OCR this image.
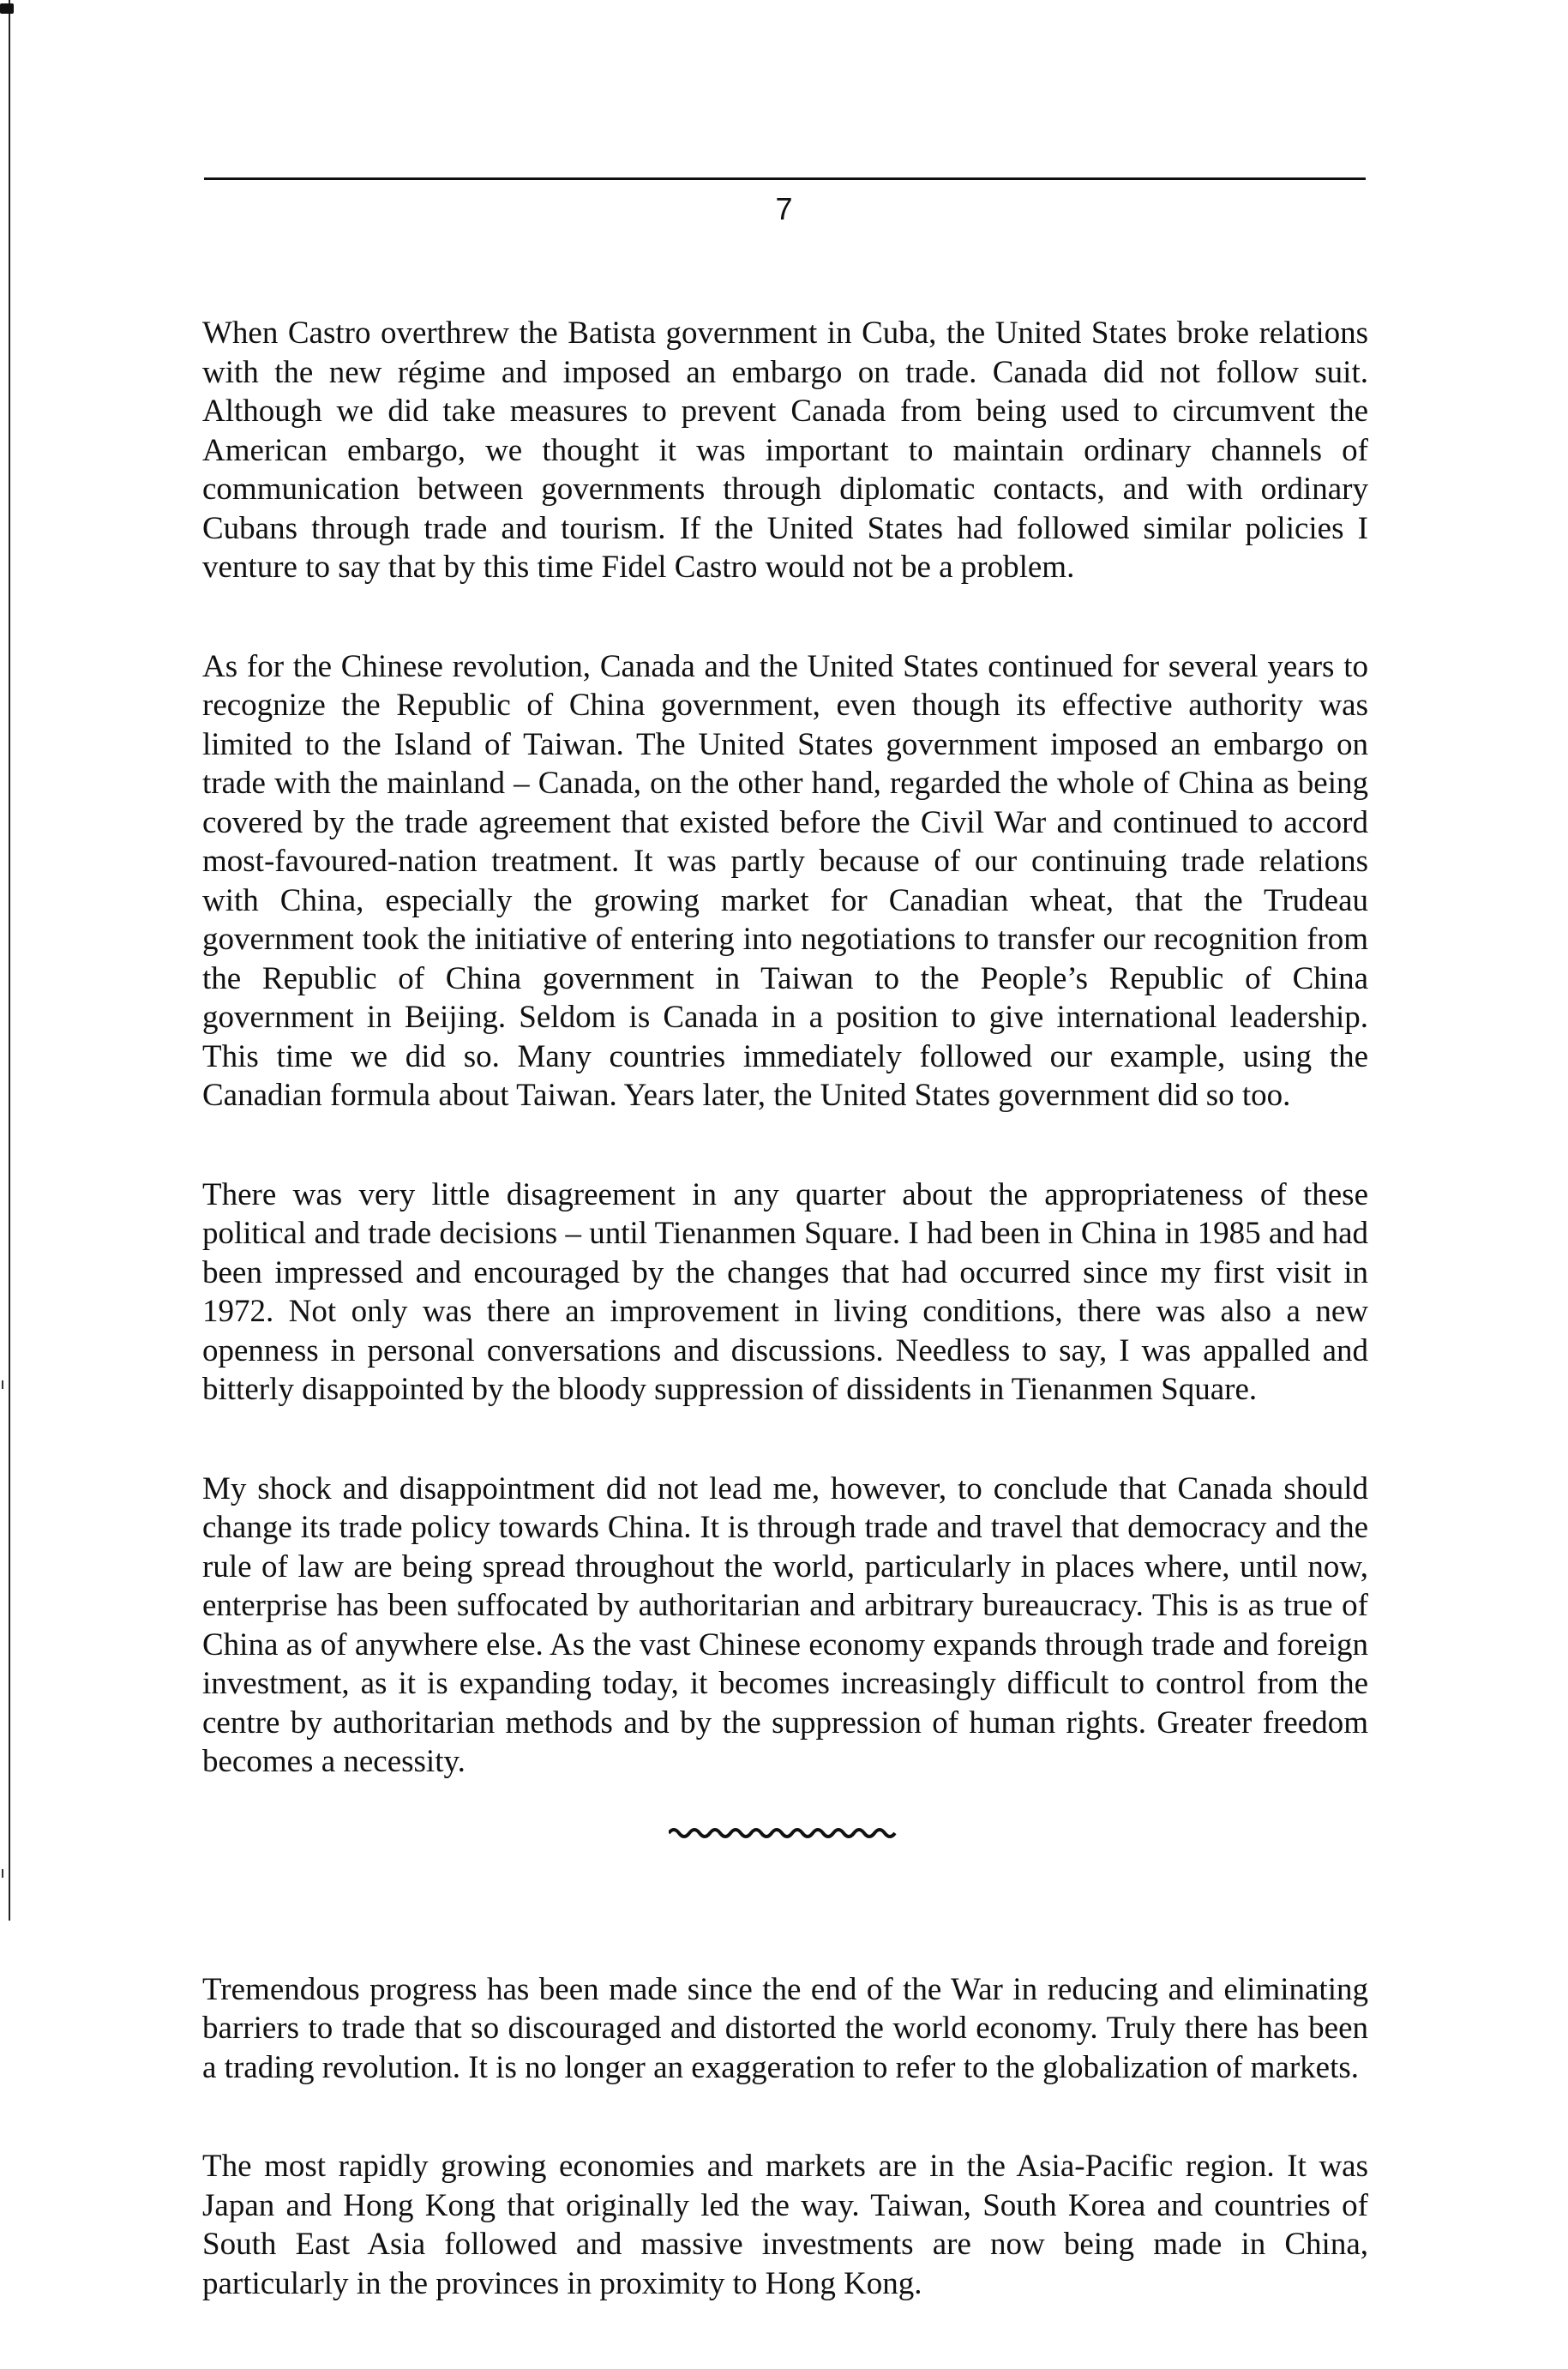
7

When Castro overthrew the Batista government in Cuba, the United States broke relations with the new régime and imposed an embargo on trade. Canada did not follow suit. Although we did take measures to prevent Canada from being used to circumvent the American embargo, we thought it was important to maintain ordinary channels of communication between governments through diplomatic contacts, and with ordinary Cubans through trade and tourism. If the United States had followed similar policies I venture to say that by this time Fidel Castro would not be a problem.

As for the Chinese revolution, Canada and the United States continued for several years to recognize the Republic of China government, even though its effective authority was limited to the Island of Taiwan. The United States government imposed an embargo on trade with the mainland – Canada, on the other hand, regarded the whole of China as being covered by the trade agreement that existed before the Civil War and continued to accord most-favoured-nation treatment. It was partly because of our continuing trade relations with China, especially the growing market for Canadian wheat, that the Trudeau government took the initiative of entering into negotiations to transfer our recognition from the Republic of China government in Taiwan to the People’s Republic of China government in Beijing. Seldom is Canada in a position to give international leadership. This time we did so. Many countries immediately followed our example, using the Canadian formula about Taiwan. Years later, the United States government did so too.

There was very little disagreement in any quarter about the appropriateness of these political and trade decisions – until Tienanmen Square. I had been in China in 1985 and had been impressed and encouraged by the changes that had occurred since my first visit in 1972. Not only was there an improvement in living conditions, there was also a new openness in personal conversations and discussions. Needless to say, I was appalled and bitterly disappointed by the bloody suppression of dissidents in Tienanmen Square.

My shock and disappointment did not lead me, however, to conclude that Canada should change its trade policy towards China. It is through trade and travel that democracy and the rule of law are being spread throughout the world, particularly in places where, until now, enterprise has been suffocated by authoritarian and arbitrary bureaucracy. This is as true of China as of anywhere else. As the vast Chinese economy expands through trade and foreign investment, as it is expanding today, it becomes increasingly difficult to control from the centre by authoritarian methods and by the suppression of human rights. Greater freedom becomes a necessity.

Tremendous progress has been made since the end of the War in reducing and eliminating barriers to trade that so discouraged and distorted the world economy. Truly there has been a trading revolution. It is no longer an exaggeration to refer to the globalization of markets.

The most rapidly growing economies and markets are in the Asia-Pacific region. It was Japan and Hong Kong that originally led the way. Taiwan, South Korea and countries of South East Asia followed and massive investments are now being made in China, particularly in the provinces in proximity to Hong Kong.
